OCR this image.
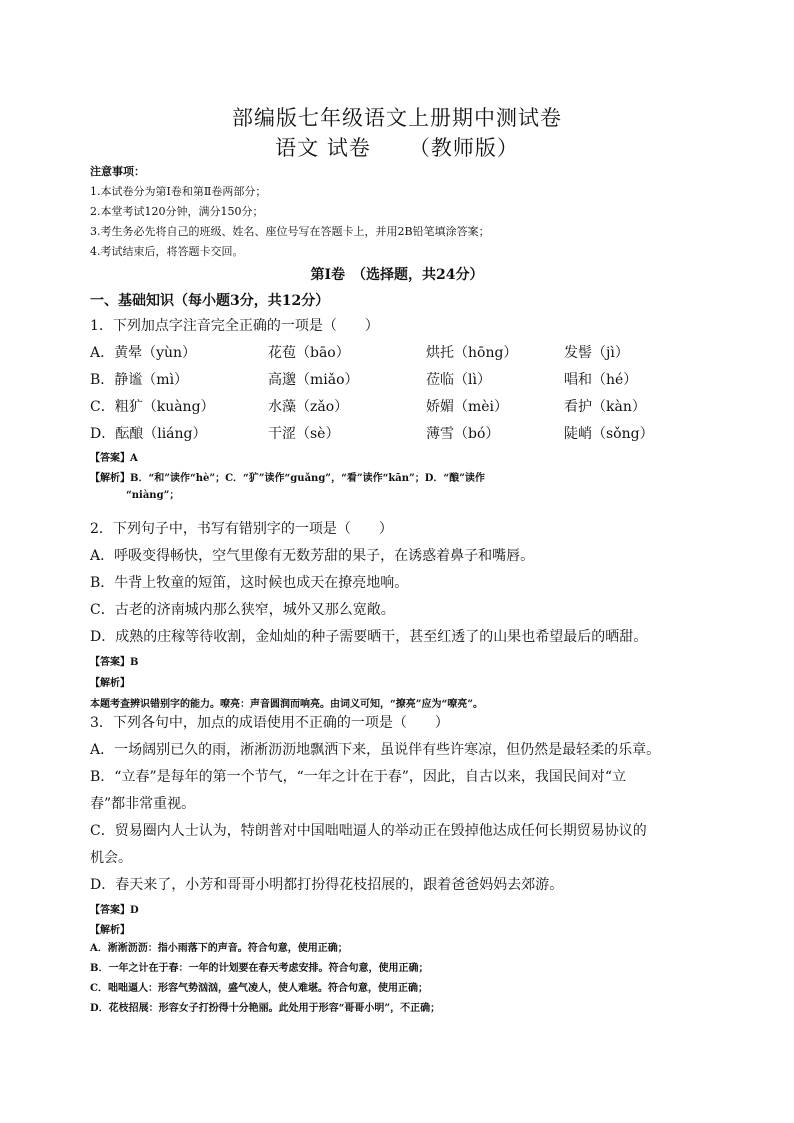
部编版七年级语文上册期中测试卷
语文 试卷 （教师版）
注意事项：
1.本试卷分为第Ⅰ卷和第Ⅱ卷两部分；
2.本堂考试120分钟，满分150分；
3.考生务必先将自己的班级、姓名、座位号写在答题卡上，并用2B铅笔填涂答案；
4.考试结束后，将答题卡交回。
第Ⅰ卷　（选择题，共24分）
一、基础知识（每小题3分，共12分）
1．下列加点字注音完全正确的一项是（　　）
A．黄晕（yùn）	花苞（bāo）	烘托（hōng）	发髻（jì）
B．静谧（mì）	高邈（miǎo）	莅临（lì）	唱和（hé）
C．粗犷（kuàng）	水藻（zǎo）	娇媚（mèi）	看护（kàn）
D．酝酿（liáng）	干涩（sè）	薄雪（bó）	陡峭（sǒng）
【答案】A
【解析】B．“和”读作“hè”；C．“犷”读作“guǎng”，“看”读作“kān”；D．“酿”读作
“niàng”；
2．下列句子中，书写有错别字的一项是（　　）
A．呼吸变得畅快，空气里像有无数芳甜的果子，在诱惑着鼻子和嘴唇。
B．牛背上牧童的短笛，这时候也成天在撩亮地响。
C．古老的济南城内那么狭窄，城外又那么宽敞。
D．成熟的庄稼等待收割，金灿灿的种子需要晒干，甚至红透了的山果也希望最后的晒甜。
【答案】B
【解析】
本题考查辨识错别字的能力。嘹亮：声音圆润而响亮。由词义可知，“撩亮”应为“嘹亮”。
3．下列各句中，加点的成语使用不正确的一项是（　　）
A．一场阔别已久的雨，淅淅沥沥地飘洒下来，虽说伴有些许寒凉，但仍然是最轻柔的乐章。
B．“立春”是每年的第一个节气，“一年之计在于春”，因此，自古以来，我国民间对“立
春”都非常重视。
C．贸易圈内人士认为，特朗普对中国咄咄逼人的举动正在毁掉他达成任何长期贸易协议的
机会。
D．春天来了，小芳和哥哥小明都打扮得花枝招展的，跟着爸爸妈妈去郊游。
【答案】D
【解析】
A．淅淅沥沥：指小雨落下的声音。符合句意，使用正确；
B．一年之计在于春：一年的计划要在春天考虑安排。符合句意，使用正确；
C．咄咄逼人：形容气势汹汹，盛气凌人，使人难堪。符合句意，使用正确；
D．花枝招展：形容女子打扮得十分艳丽。此处用于形容“哥哥小明”，不正确；
